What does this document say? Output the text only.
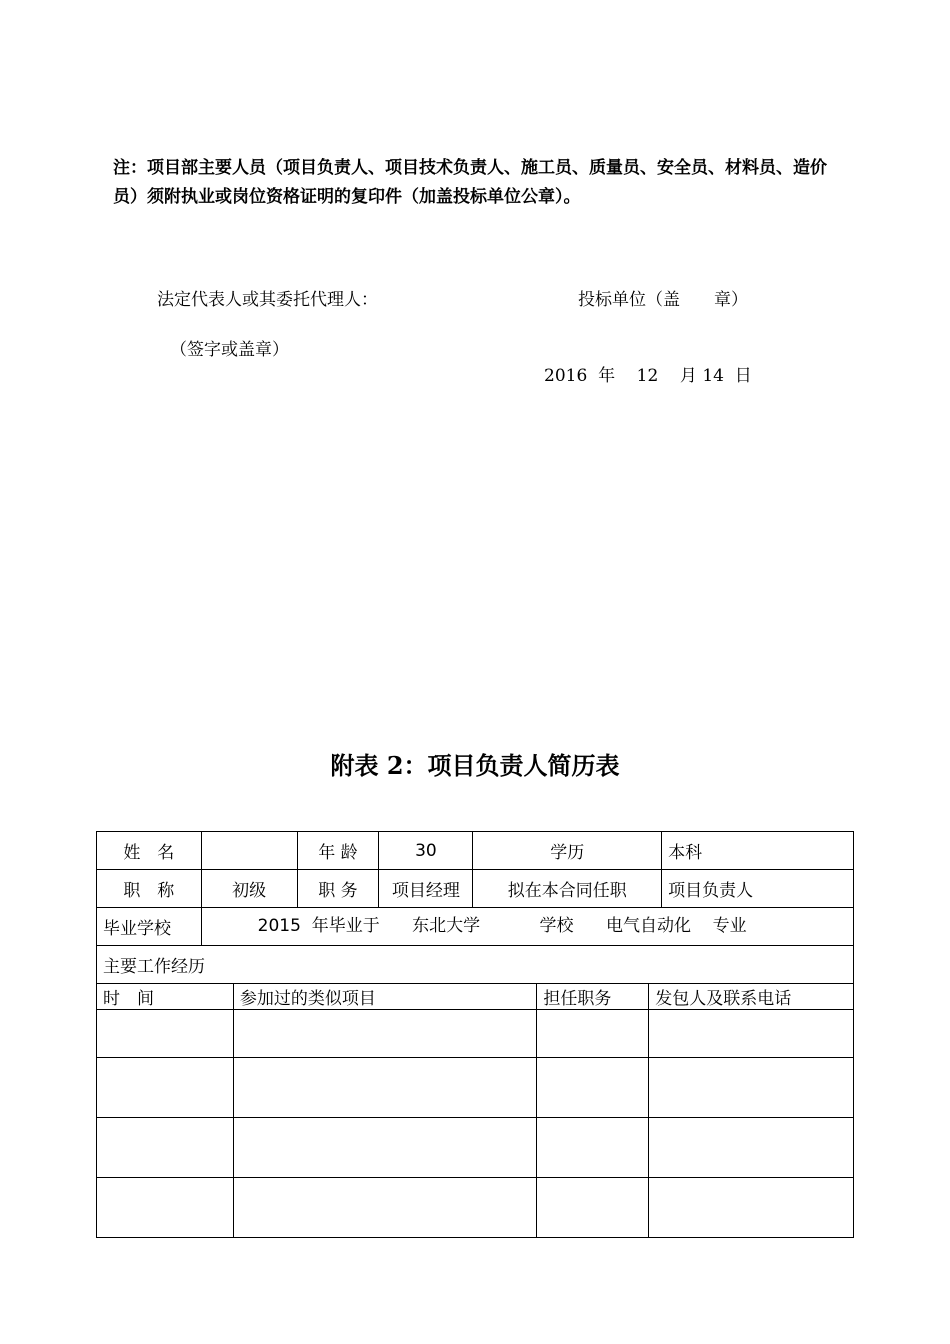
注：项目部主要人员（项目负责人、项目技术负责人、施工员、质量员、安全员、材料员、造价员）须附执业或岗位资格证明的复印件（加盖投标单位公章）。
法定代表人或其委托代理人：	投标单位（盖　　章）
（签字或盖章）
2016  年    12    月 14  日
附表 2：项目负责人简历表
姓　名		年 龄	30	学历	本科
职　称	初级	职 务	项目经理	拟在本合同任职	项目负责人
毕业学校	2015  年毕业于      东北大学           学校      电气自动化    专业				
主要工作经历					
时　间	参加过的类似项目	担任职务	发包人及联系电话
